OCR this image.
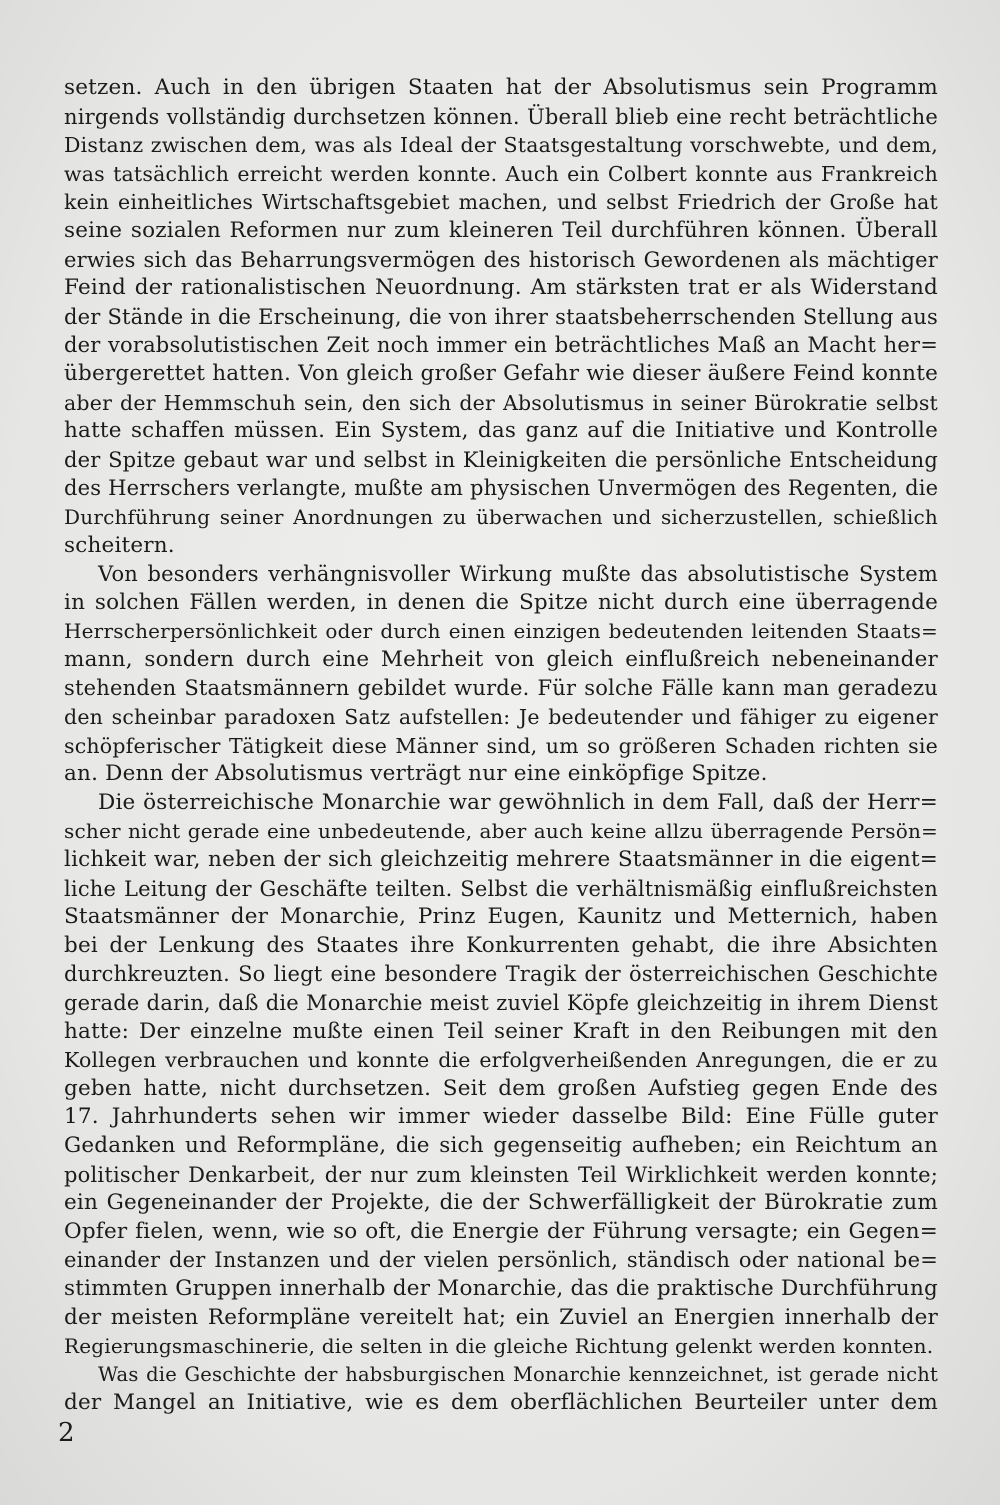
setzen. Auch in den übrigen Staaten hat der Absolutismus sein Programm
nirgends vollständig durchsetzen können. Überall blieb eine recht beträchtliche
Distanz zwischen dem, was als Ideal der Staatsgestaltung vorschwebte, und dem,
was tatsächlich erreicht werden konnte. Auch ein Colbert konnte aus Frankreich
kein einheitliches Wirtschaftsgebiet machen, und selbst Friedrich der Große hat
seine sozialen Reformen nur zum kleineren Teil durchführen können. Überall
erwies sich das Beharrungsvermögen des historisch Gewordenen als mächtiger
Feind der rationalistischen Neuordnung. Am stärksten trat er als Widerstand
der Stände in die Erscheinung, die von ihrer staatsbeherrschenden Stellung aus
der vorabsolutistischen Zeit noch immer ein beträchtliches Maß an Macht her=
übergerettet hatten. Von gleich großer Gefahr wie dieser äußere Feind konnte
aber der Hemmschuh sein, den sich der Absolutismus in seiner Bürokratie selbst
hatte schaffen müssen. Ein System, das ganz auf die Initiative und Kontrolle
der Spitze gebaut war und selbst in Kleinigkeiten die persönliche Entscheidung
des Herrschers verlangte, mußte am physischen Unvermögen des Regenten, die
Durchführung seiner Anordnungen zu überwachen und sicherzustellen, schießlich
scheitern.
Von besonders verhängnisvoller Wirkung mußte das absolutistische System
in solchen Fällen werden, in denen die Spitze nicht durch eine überragende
Herrscherpersönlichkeit oder durch einen einzigen bedeutenden leitenden Staats=
mann, sondern durch eine Mehrheit von gleich einflußreich nebeneinander
stehenden Staatsmännern gebildet wurde. Für solche Fälle kann man geradezu
den scheinbar paradoxen Satz aufstellen: Je bedeutender und fähiger zu eigener
schöpferischer Tätigkeit diese Männer sind, um so größeren Schaden richten sie
an. Denn der Absolutismus verträgt nur eine einköpfige Spitze.
Die österreichische Monarchie war gewöhnlich in dem Fall, daß der Herr=
scher nicht gerade eine unbedeutende, aber auch keine allzu überragende Persön=
lichkeit war, neben der sich gleichzeitig mehrere Staatsmänner in die eigent=
liche Leitung der Geschäfte teilten. Selbst die verhältnismäßig einflußreichsten
Staatsmänner der Monarchie, Prinz Eugen, Kaunitz und Metternich, haben
bei der Lenkung des Staates ihre Konkurrenten gehabt, die ihre Absichten
durchkreuzten. So liegt eine besondere Tragik der österreichischen Geschichte
gerade darin, daß die Monarchie meist zuviel Köpfe gleichzeitig in ihrem Dienst
hatte: Der einzelne mußte einen Teil seiner Kraft in den Reibungen mit den
Kollegen verbrauchen und konnte die erfolgverheißenden Anregungen, die er zu
geben hatte, nicht durchsetzen. Seit dem großen Aufstieg gegen Ende des
17. Jahrhunderts sehen wir immer wieder dasselbe Bild: Eine Fülle guter
Gedanken und Reformpläne, die sich gegenseitig aufheben; ein Reichtum an
politischer Denkarbeit, der nur zum kleinsten Teil Wirklichkeit werden konnte;
ein Gegeneinander der Projekte, die der Schwerfälligkeit der Bürokratie zum
Opfer fielen, wenn, wie so oft, die Energie der Führung versagte; ein Gegen=
einander der Instanzen und der vielen persönlich, ständisch oder national be=
stimmten Gruppen innerhalb der Monarchie, das die praktische Durchführung
der meisten Reformpläne vereitelt hat; ein Zuviel an Energien innerhalb der
Regierungsmaschinerie, die selten in die gleiche Richtung gelenkt werden konnten.
Was die Geschichte der habsburgischen Monarchie kennzeichnet, ist gerade nicht
der Mangel an Initiative, wie es dem oberflächlichen Beurteiler unter dem
2
